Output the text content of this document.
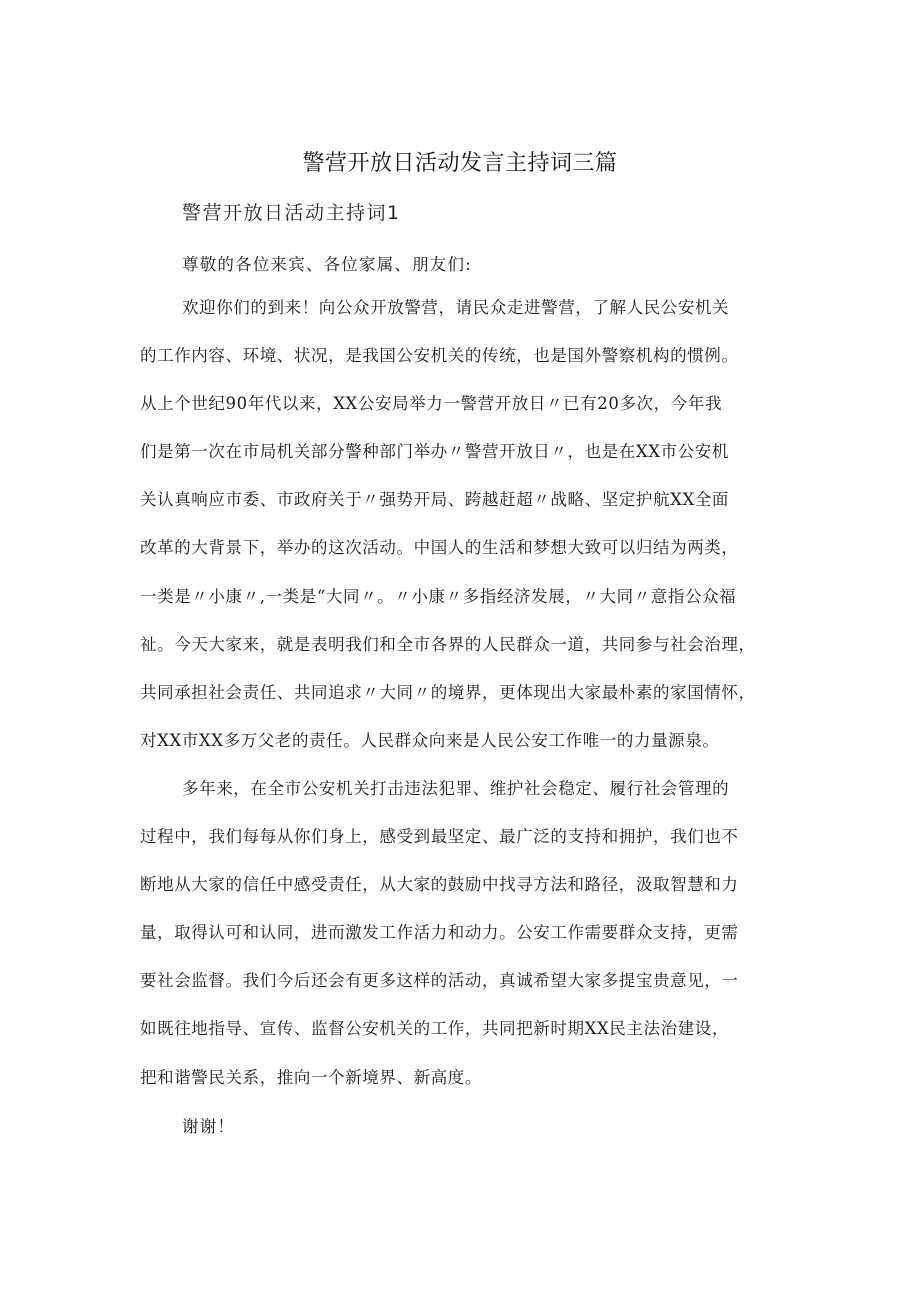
警营开放日活动发言主持词三篇
警营开放日活动主持词1
尊敬的各位来宾、各位家属、朋友们:
欢迎你们的到来！向公众开放警营，请民众走进警营，了解人民公安机关
的工作内容、环境、状况，是我国公安机关的传统，也是国外警察机构的惯例。
从上个世纪90年代以来，XX公安局举力一警营开放日〃已有20多次，今年我
们是第一次在市局机关部分警种部门举办〃警营开放日〃，也是在XX市公安机
关认真响应市委、市政府关于〃强势开局、跨越赶超〃战略、坚定护航XX全面
改革的大背景下，举办的这次活动。中国人的生活和梦想大致可以归结为两类，
一类是〃小康〃,一类是“大同〃。〃小康〃多指经济发展，〃大同〃意指公众福
祉。今天大家来，就是表明我们和全市各界的人民群众一道，共同参与社会治理，
共同承担社会责任、共同追求〃大同〃的境界，更体现出大家最朴素的家国情怀，
对XX市XX多万父老的责任。人民群众向来是人民公安工作唯一的力量源泉。
多年来，在全市公安机关打击违法犯罪、维护社会稳定、履行社会管理的
过程中，我们每每从你们身上，感受到最坚定、最广泛的支持和拥护，我们也不
断地从大家的信任中感受责任，从大家的鼓励中找寻方法和路径，汲取智慧和力
量，取得认可和认同，进而激发工作活力和动力。公安工作需要群众支持，更需
要社会监督。我们今后还会有更多这样的活动，真诚希望大家多提宝贵意见，一
如既往地指导、宣传、监督公安机关的工作，共同把新时期XX民主法治建设，
把和谐警民关系，推向一个新境界、新高度。
谢谢！
